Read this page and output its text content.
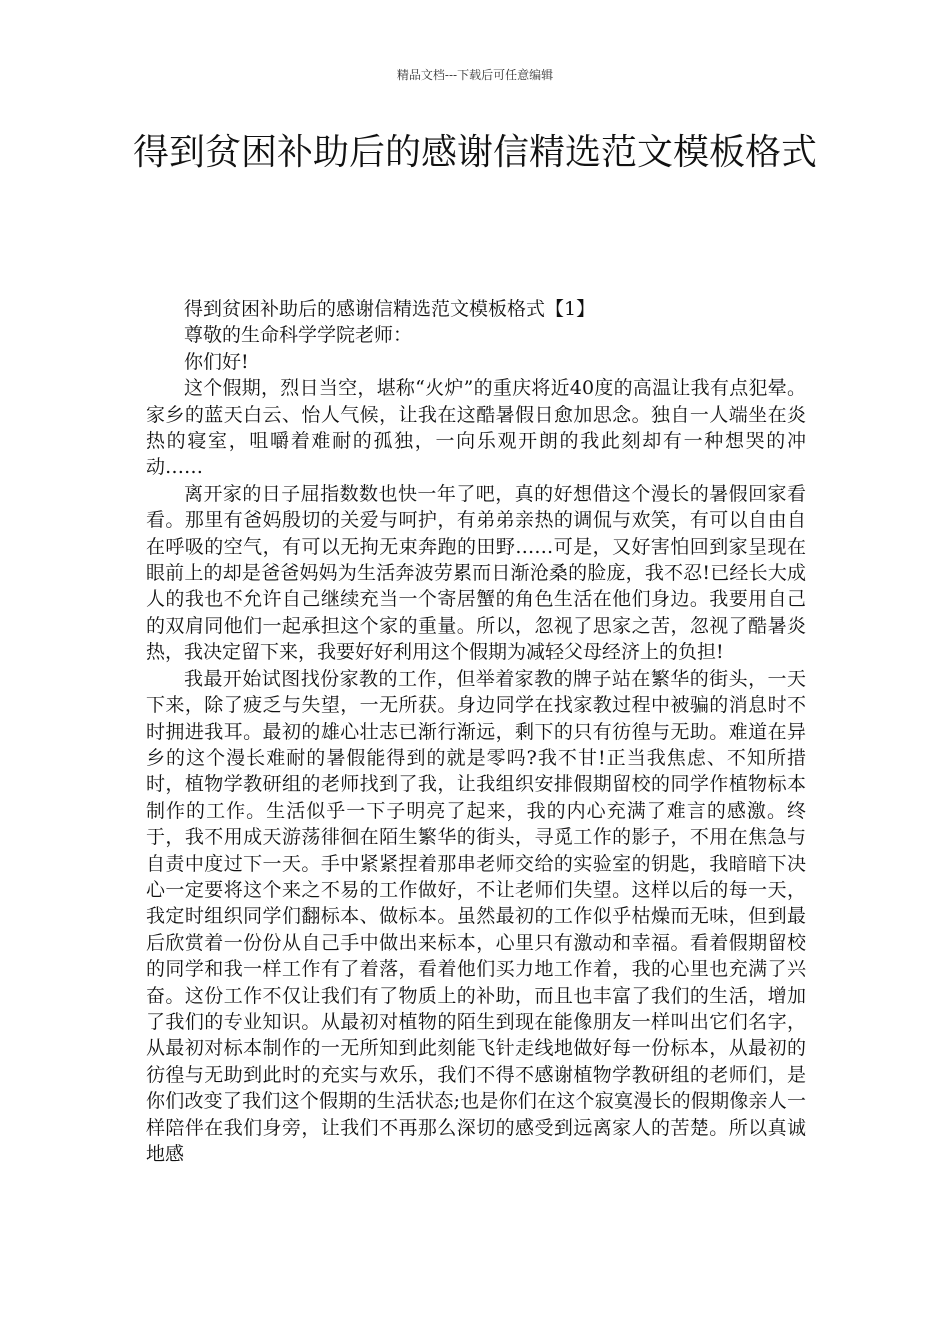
精品文档---下载后可任意编辑
得到贫困补助后的感谢信精选范文模板格式

得到贫困补助后的感谢信精选范文模板格式【1】

尊敬的生命科学学院老师：

你们好!

这个假期，烈日当空，堪称“火炉”的重庆将近40度的高温让我有点犯晕。家乡的蓝天白云、怡人气候，让我在这酷暑假日愈加思念。独自一人端坐在炎热的寝室，咀嚼着难耐的孤独，一向乐观开朗的我此刻却有一种想哭的冲动……

离开家的日子屈指数数也快一年了吧，真的好想借这个漫长的暑假回家看看。那里有爸妈殷切的关爱与呵护，有弟弟亲热的调侃与欢笑，有可以自由自在呼吸的空气，有可以无拘无束奔跑的田野……可是，又好害怕回到家呈现在眼前上的却是爸爸妈妈为生活奔波劳累而日渐沧桑的脸庞，我不忍!已经长大成人的我也不允许自己继续充当一个寄居蟹的角色生活在他们身边。我要用自己的双肩同他们一起承担这个家的重量。所以，忽视了思家之苦，忽视了酷暑炎热，我决定留下来，我要好好利用这个假期为减轻父母经济上的负担!

我最开始试图找份家教的工作，但举着家教的牌子站在繁华的街头，一天下来，除了疲乏与失望，一无所获。身边同学在找家教过程中被骗的消息时不时拥进我耳。最初的雄心壮志已渐行渐远，剩下的只有彷徨与无助。难道在异乡的这个漫长难耐的暑假能得到的就是零吗?我不甘!正当我焦虑、不知所措时，植物学教研组的老师找到了我，让我组织安排假期留校的同学作植物标本制作的工作。生活似乎一下子明亮了起来，我的内心充满了难言的感激。终于，我不用成天游荡徘徊在陌生繁华的街头，寻觅工作的影子，不用在焦急与自责中度过下一天。手中紧紧捏着那串老师交给的实验室的钥匙，我暗暗下决心一定要将这个来之不易的工作做好，不让老师们失望。这样以后的每一天，我定时组织同学们翻标本、做标本。虽然最初的工作似乎枯燥而无味，但到最后欣赏着一份份从自己手中做出来标本，心里只有激动和幸福。看着假期留校的同学和我一样工作有了着落，看着他们买力地工作着，我的心里也充满了兴奋。这份工作不仅让我们有了物质上的补助，而且也丰富了我们的生活，增加了我们的专业知识。从最初对植物的陌生到现在能像朋友一样叫出它们名字，从最初对标本制作的一无所知到此刻能飞针走线地做好每一份标本，从最初的彷徨与无助到此时的充实与欢乐，我们不得不感谢植物学教研组的老师们，是你们改变了我们这个假期的生活状态;也是你们在这个寂寞漫长的假期像亲人一样陪伴在我们身旁，让我们不再那么深切的感受到远离家人的苦楚。所以真诚地感
